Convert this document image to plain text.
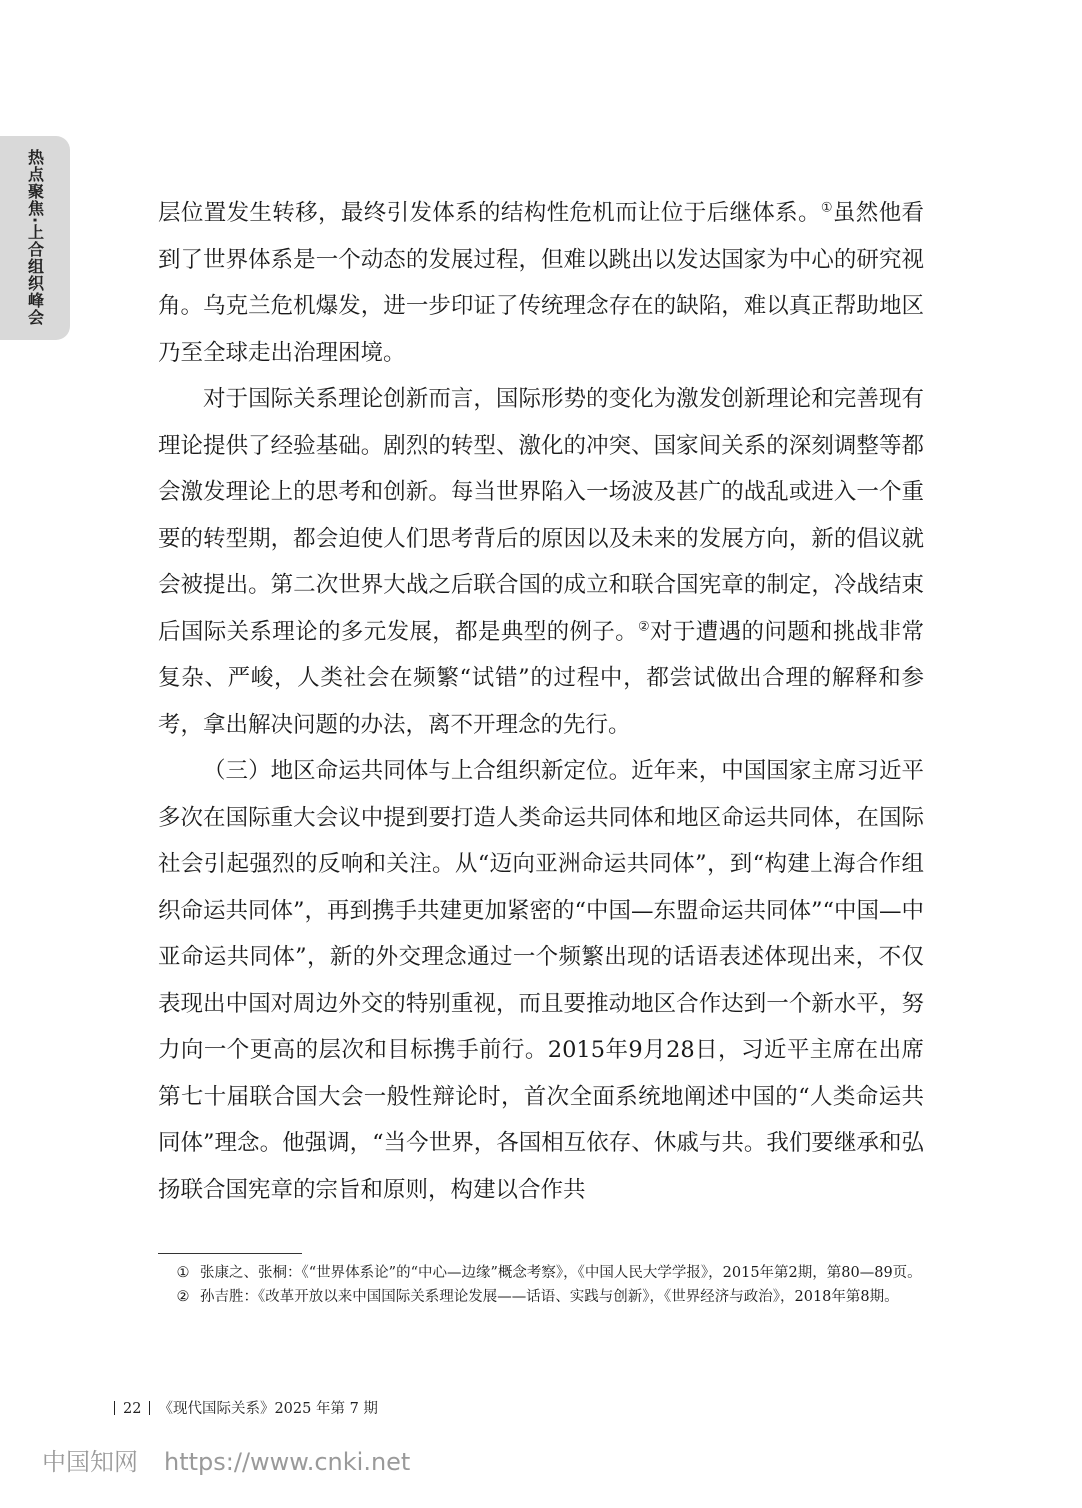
热点聚焦·上合组织峰会	层位置发生转移，最终引发体系的结构性危机而让位于后继体系。①虽然他看到了世界体系是一个动态的发展过程，但难以跳出以发达国家为中心的研究视角。乌克兰危机爆发，进一步印证了传统理念存在的缺陷，难以真正帮助地区乃至全球走出治理困境。

对于国际关系理论创新而言，国际形势的变化为激发创新理论和完善现有理论提供了经验基础。剧烈的转型、激化的冲突、国家间关系的深刻调整等都会激发理论上的思考和创新。每当世界陷入一场波及甚广的战乱或进入一个重要的转型期，都会迫使人们思考背后的原因以及未来的发展方向，新的倡议就会被提出。第二次世界大战之后联合国的成立和联合国宪章的制定，冷战结束后国际关系理论的多元发展，都是典型的例子。②对于遭遇的问题和挑战非常复杂、严峻，人类社会在频繁“试错”的过程中，都尝试做出合理的解释和参考，拿出解决问题的办法，离不开理念的先行。

（三）地区命运共同体与上合组织新定位。近年来，中国国家主席习近平多次在国际重大会议中提到要打造人类命运共同体和地区命运共同体，在国际社会引起强烈的反响和关注。从“迈向亚洲命运共同体”，到“构建上海合作组织命运共同体”，再到携手共建更加紧密的“中国—东盟命运共同体”“中国—中亚命运共同体”，新的外交理念通过一个频繁出现的话语表述体现出来，不仅表现出中国对周边外交的特别重视，而且要推动地区合作达到一个新水平，努力向一个更高的层次和目标携手前行。2015年9月28日，习近平主席在出席第七十届联合国大会一般性辩论时，首次全面系统地阐述中国的“人类命运共同体”理念。他强调，“当今世界，各国相互依存、休戚与共。我们要继承和弘扬联合国宪章的宗旨和原则，构建以合作共

① 张康之、张桐：《“世界体系论”的“中心—边缘”概念考察》，《中国人民大学学报》，2015年第2期，第80—89页。

② 孙吉胜：《改革开放以来中国国际关系理论发展——话语、实践与创新》，《世界经济与政治》，2018年第8期。

22 《现代国际关系》2025 年第 7 期
中国知网 https://www.cnki.net
